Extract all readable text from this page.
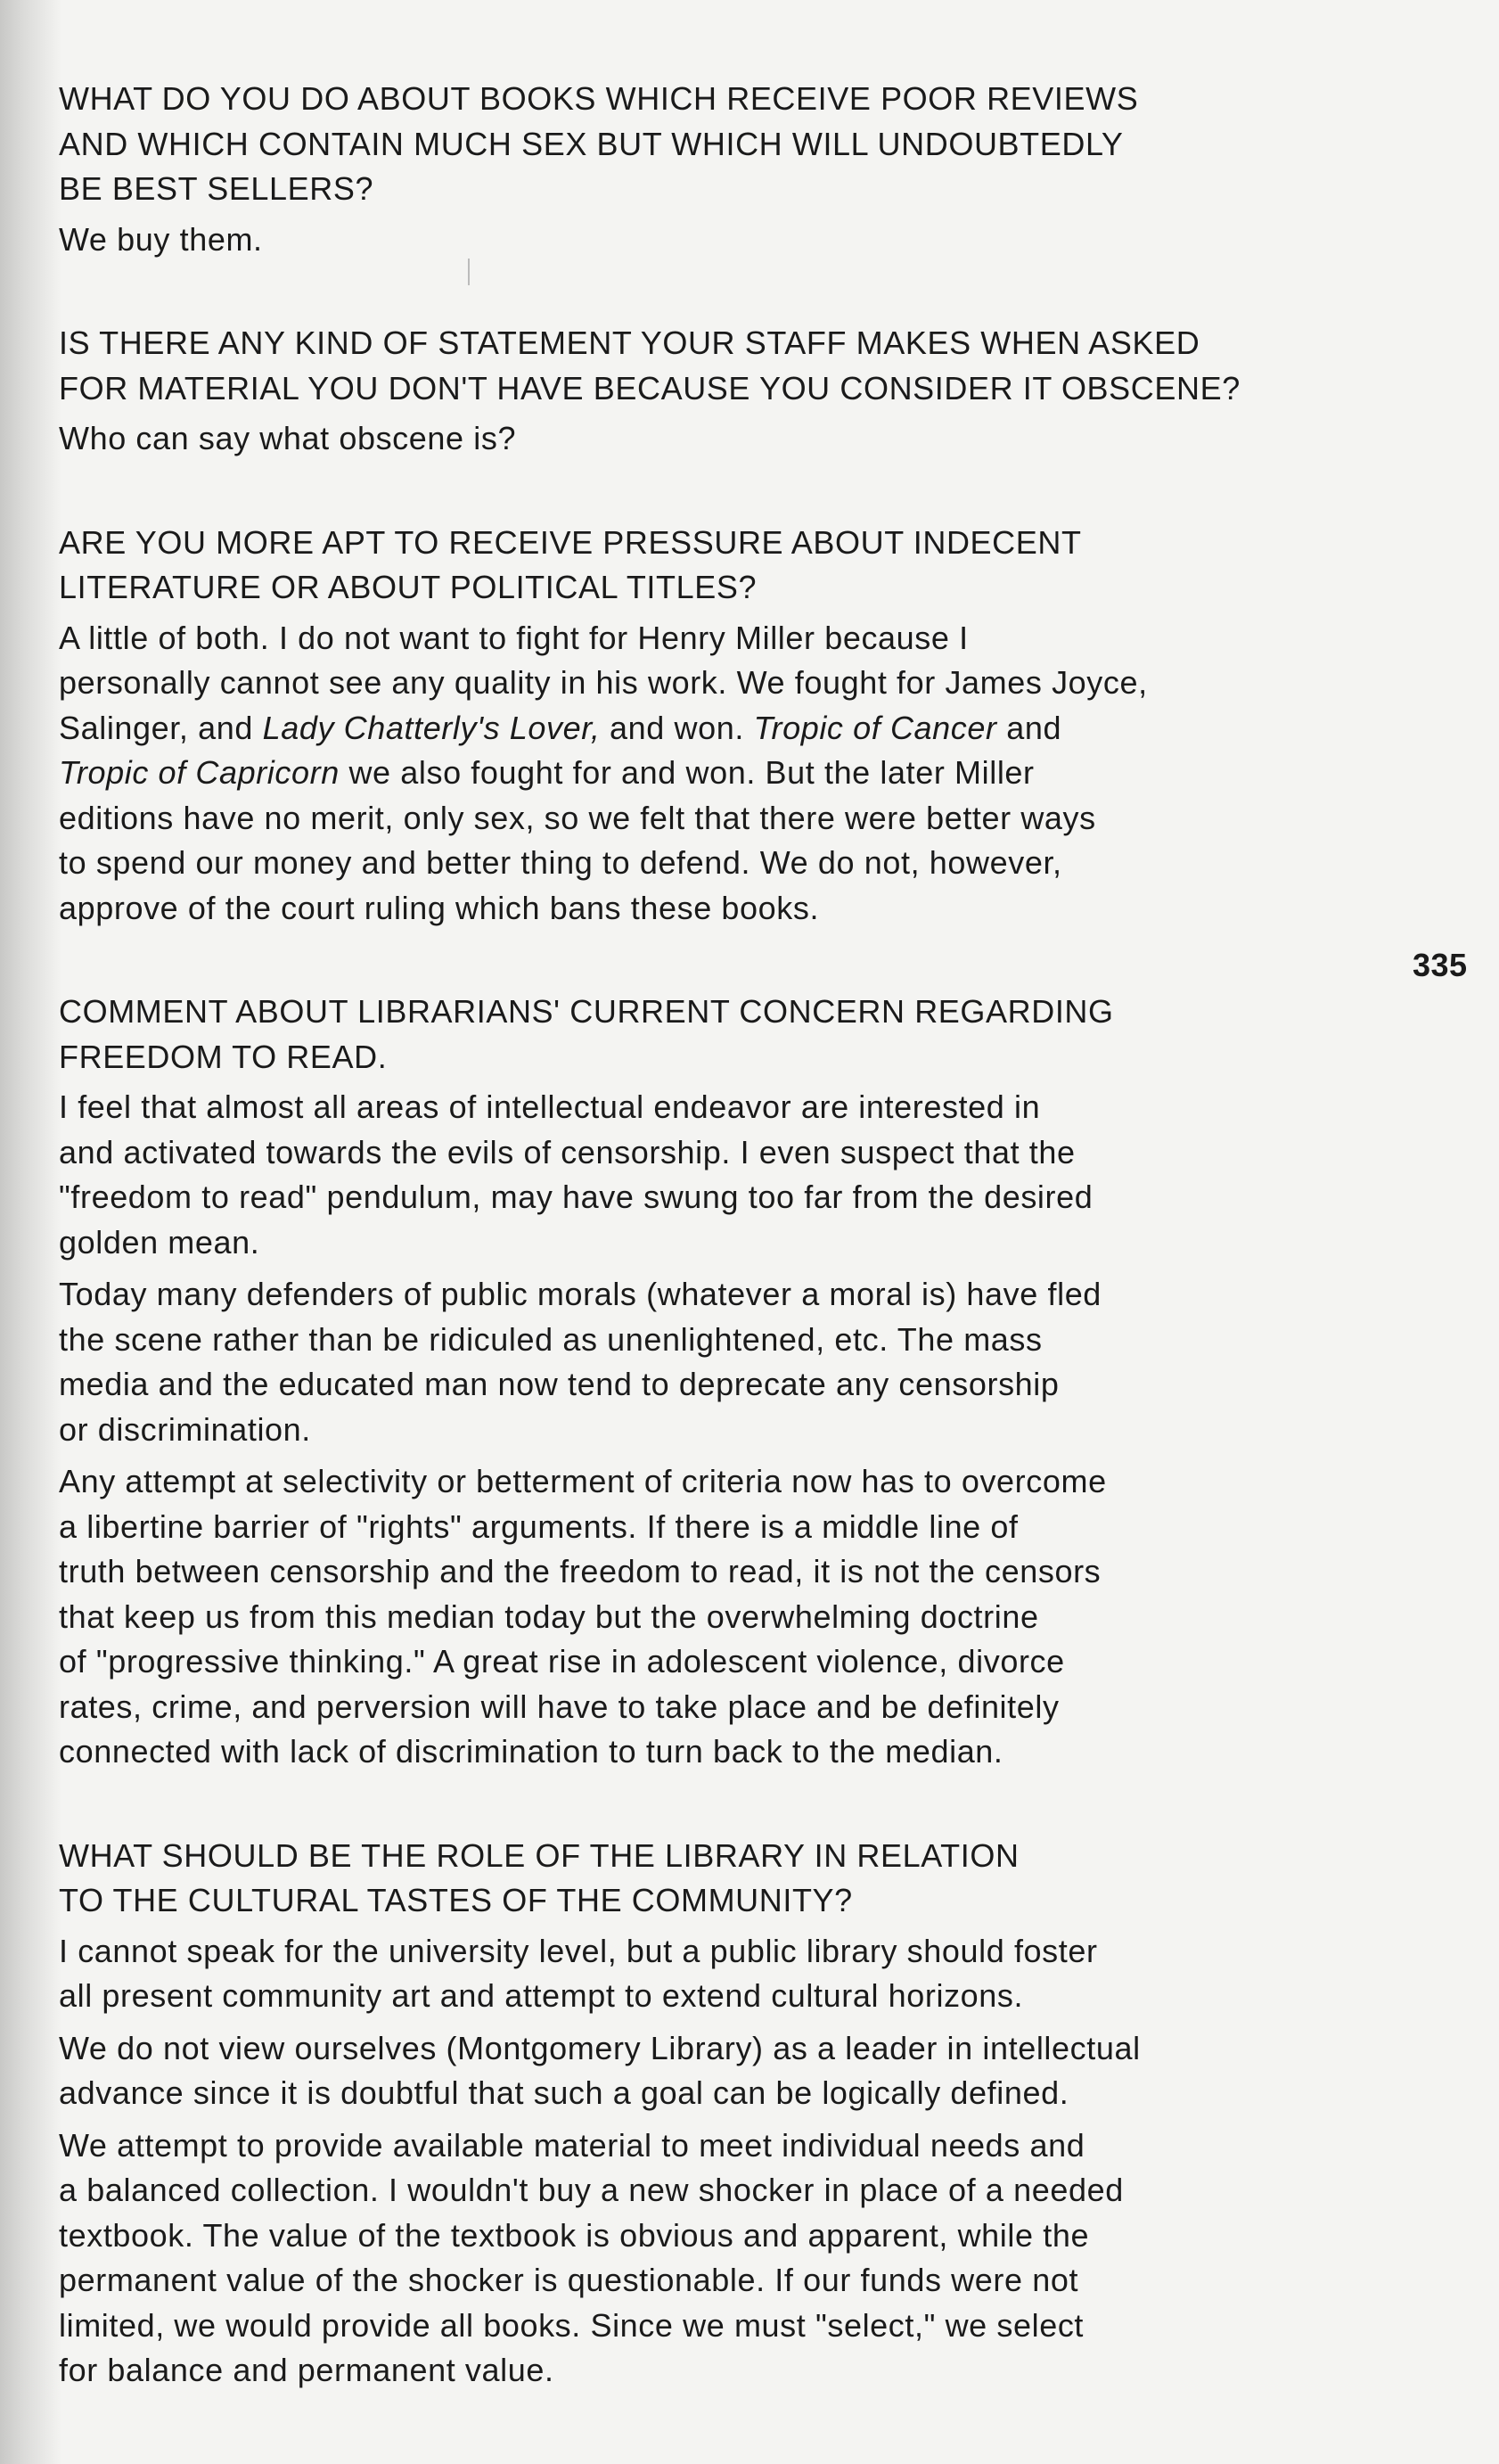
335
WHAT DO YOU DO ABOUT BOOKS WHICH RECEIVE POOR REVIEWS
AND WHICH CONTAIN MUCH SEX BUT WHICH WILL UNDOUBTEDLY
BE BEST SELLERS?
We buy them.
IS THERE ANY KIND OF STATEMENT YOUR STAFF MAKES WHEN ASKED
FOR MATERIAL YOU DON'T HAVE BECAUSE YOU CONSIDER IT OBSCENE?
Who can say what obscene is?
ARE YOU MORE APT TO RECEIVE PRESSURE ABOUT INDECENT
LITERATURE OR ABOUT POLITICAL TITLES?
A little of both. I do not want to fight for Henry Miller because I
personally cannot see any quality in his work. We fought for James Joyce,
Salinger, and Lady Chatterly's Lover, and won. Tropic of Cancer and
Tropic of Capricorn we also fought for and won. But the later Miller
editions have no merit, only sex, so we felt that there were better ways
to spend our money and better thing to defend. We do not, however,
approve of the court ruling which bans these books.
COMMENT ABOUT LIBRARIANS' CURRENT CONCERN REGARDING
FREEDOM TO READ.
I feel that almost all areas of intellectual endeavor are interested in
and activated towards the evils of censorship. I even suspect that the
"freedom to read" pendulum, may have swung too far from the desired
golden mean.
Today many defenders of public morals (whatever a moral is) have fled
the scene rather than be ridiculed as unenlightened, etc. The mass
media and the educated man now tend to deprecate any censorship
or discrimination.
Any attempt at selectivity or betterment of criteria now has to overcome
a libertine barrier of "rights" arguments. If there is a middle line of
truth between censorship and the freedom to read, it is not the censors
that keep us from this median today but the overwhelming doctrine
of "progressive thinking." A great rise in adolescent violence, divorce
rates, crime, and perversion will have to take place and be definitely
connected with lack of discrimination to turn back to the median.
WHAT SHOULD BE THE ROLE OF THE LIBRARY IN RELATION
TO THE CULTURAL TASTES OF THE COMMUNITY?
I cannot speak for the university level, but a public library should foster
all present community art and attempt to extend cultural horizons.
We do not view ourselves (Montgomery Library) as a leader in intellectual
advance since it is doubtful that such a goal can be logically defined.
We attempt to provide available material to meet individual needs and
a balanced collection. I wouldn't buy a new shocker in place of a needed
textbook. The value of the textbook is obvious and apparent, while the
permanent value of the shocker is questionable. If our funds were not
limited, we would provide all books. Since we must "select," we select
for balance and permanent value.
